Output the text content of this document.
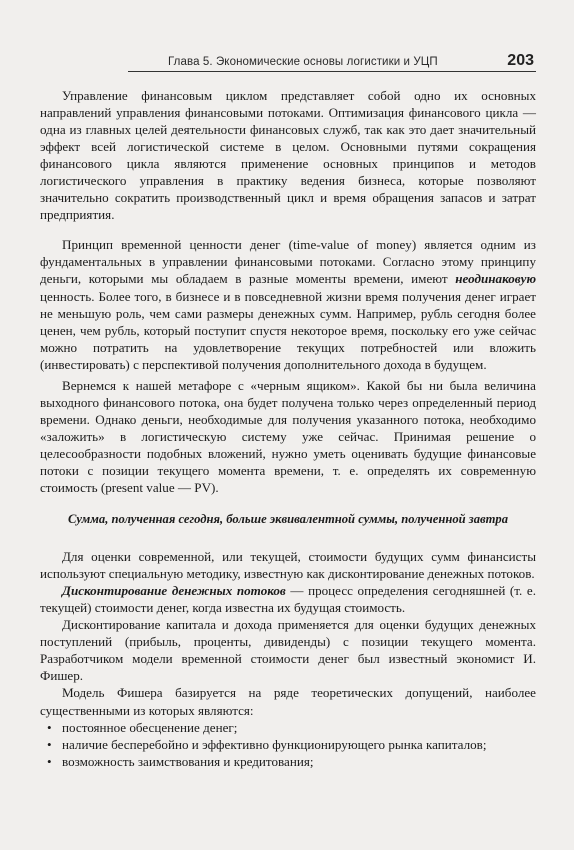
Глава 5. Экономические основы логистики и УЦП	203

Управление финансовым циклом представляет собой одно их основных направлений управления финансовыми потоками. Оптимизация финансового цикла — одна из главных целей деятельности финансовых служб, так как это дает значительный эффект всей логистической системе в целом. Основными путями сокращения финансового цикла являются применение основных принципов и методов логистического управления в практику ведения бизнеса, которые позволяют значительно сократить производственный цикл и время обращения запасов и затрат предприятия.

Принцип временной ценности денег (time-value of money) является одним из фундаментальных в управлении финансовыми потоками. Согласно этому принципу деньги, которыми мы обладаем в разные моменты времени, имеют неодинаковую ценность. Более того, в бизнесе и в повседневной жизни время получения денег играет не меньшую роль, чем сами размеры денежных сумм. Например, рубль сегодня более ценен, чем рубль, который поступит спустя некоторое время, поскольку его уже сейчас можно потратить на удовлетворение текущих потребностей или вложить (инвестировать) с перспективой получения дополнительного дохода в будущем.

Вернемся к нашей метафоре с «черным ящиком». Какой бы ни была величина выходного финансового потока, она будет получена только через определенный период времени. Однако деньги, необходимые для получения указанного потока, необходимо «заложить» в логистическую систему уже сейчас. Принимая решение о целесообразности подобных вложений, нужно уметь оценивать будущие финансовые потоки с позиции текущего момента времени, т. е. определять их современную стоимость (present value — PV).

Сумма, полученная сегодня, больше эквивалентной суммы, полученной завтра

Для оценки современной, или текущей, стоимости будущих сумм финансисты используют специальную методику, известную как дисконтирование денежных потоков.

Дисконтирование денежных потоков — процесс определения сегодняшней (т. е. текущей) стоимости денег, когда известна их будущая стоимость.

Дисконтирование капитала и дохода применяется для оценки будущих денежных поступлений (прибыль, проценты, дивиденды) с позиции текущего момента. Разработчиком модели временной стоимости денег был известный экономист И. Фишер.

Модель Фишера базируется на ряде теоретических допущений, наиболее существенными из которых являются:

• постоянное обесценение денег;
• наличие бесперебойно и эффективно функционирующего рынка капиталов;
• возможность заимствования и кредитования;
